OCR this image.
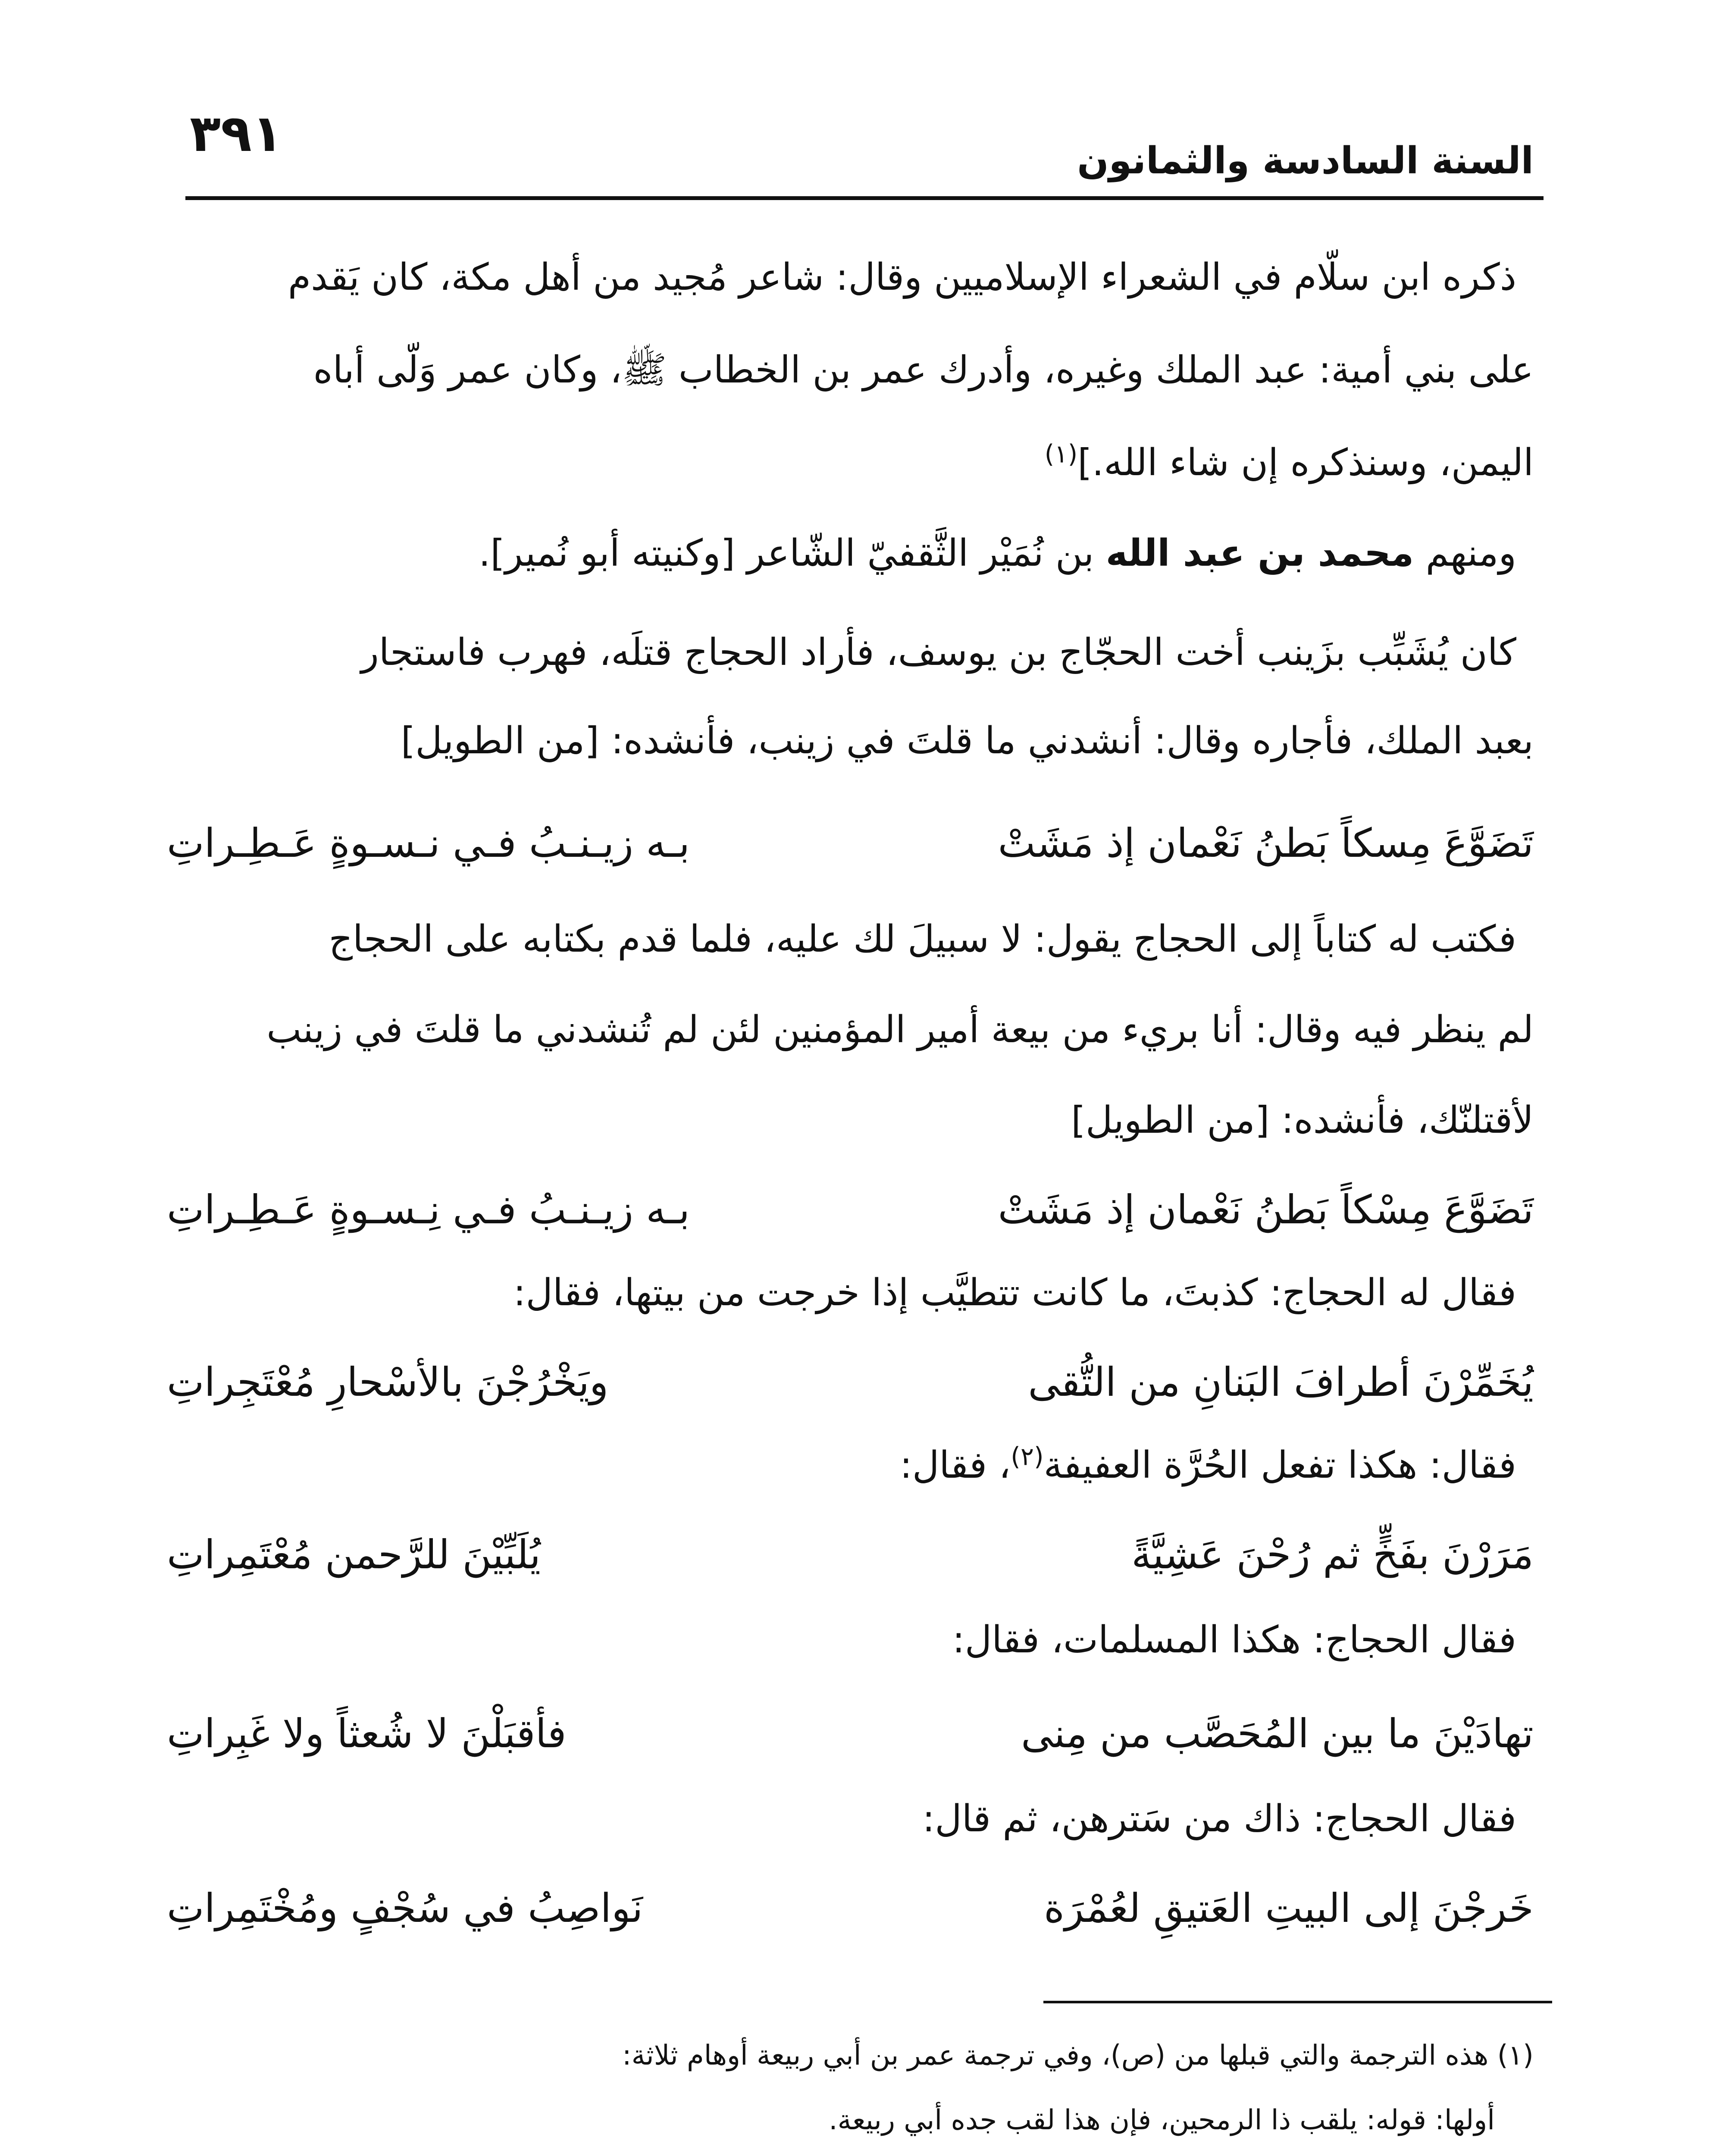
٣٩١	السنة السادسة والثمانون
ذكره ابن سلّام في الشعراء الإسلاميين وقال: شاعر مُجيد من أهل مكة، كان يَقدم
على بني أمية: عبد الملك وغيره، وأدرك عمر بن الخطاب ﷺ، وكان عمر وَلّى أباه
اليمن، وسنذكره إن شاء الله.]$^{(١)}$
ومنهم محمد بن عبد الله بن نُمَيْر الثَّقفيّ الشّاعر [وكنيته أبو نُمير].
كان يُشَبِّب بزَينب أخت الحجّاج بن يوسف، فأراد الحجاج قتلَه، فهرب فاستجار
بعبد الملك، فأجاره وقال: أنشدني ما قلتَ في زينب، فأنشده: [من الطويل]
تَضَوَّعَ مِسكاً بَطنُ نَعْمان إذ مَشَتْ
بـه زيـنـبُ فـي نـسـوةٍ عَـطِـراتِ
فكتب له كتاباً إلى الحجاج يقول: لا سبيلَ لك عليه، فلما قدم بكتابه على الحجاج
لم ينظر فيه وقال: أنا بريء من بيعة أمير المؤمنين لئن لم تُنشدني ما قلتَ في زينب
لأقتلنّك، فأنشده: [من الطويل]
تَضَوَّعَ مِسْكاً بَطنُ نَعْمان إذ مَشَتْ
بـه زيـنـبُ فـي نِـسـوةٍ عَـطِـراتِ
فقال له الحجاج: كذبتَ، ما كانت تتطيَّب إذا خرجت من بيتها، فقال:
يُخَمِّرْنَ أطرافَ البَنانِ من التُّقى
ويَخْرُجْنَ بالأسْحارِ مُعْتَجِراتِ
فقال: هكذا تفعل الحُرَّة العفيفة$^{(٢)}$، فقال:
مَرَرْنَ بفَخٍّ ثم رُحْنَ عَشِيَّةً
يُلَبِّيْنَ للرَّحمن مُعْتَمِراتِ
فقال الحجاج: هكذا المسلمات، فقال:
تهادَيْنَ ما بين المُحَصَّب من مِنى
فأقبَلْنَ لا شُعثاً ولا غَبِراتِ
فقال الحجاج: ذاك من سَترهن، ثم قال:
خَرجْنَ إلى البيتِ العَتيقِ لعُمْرَة
نَواصِبُ في سُجْفٍ ومُخْتَمِراتِ
(١) هذه الترجمة والتي قبلها من (ص)، وفي ترجمة عمر بن أبي ربيعة أوهام ثلاثة:
أولها: قوله: يلقب ذا الرمحين، فإن هذا لقب جده أبي ربيعة.
